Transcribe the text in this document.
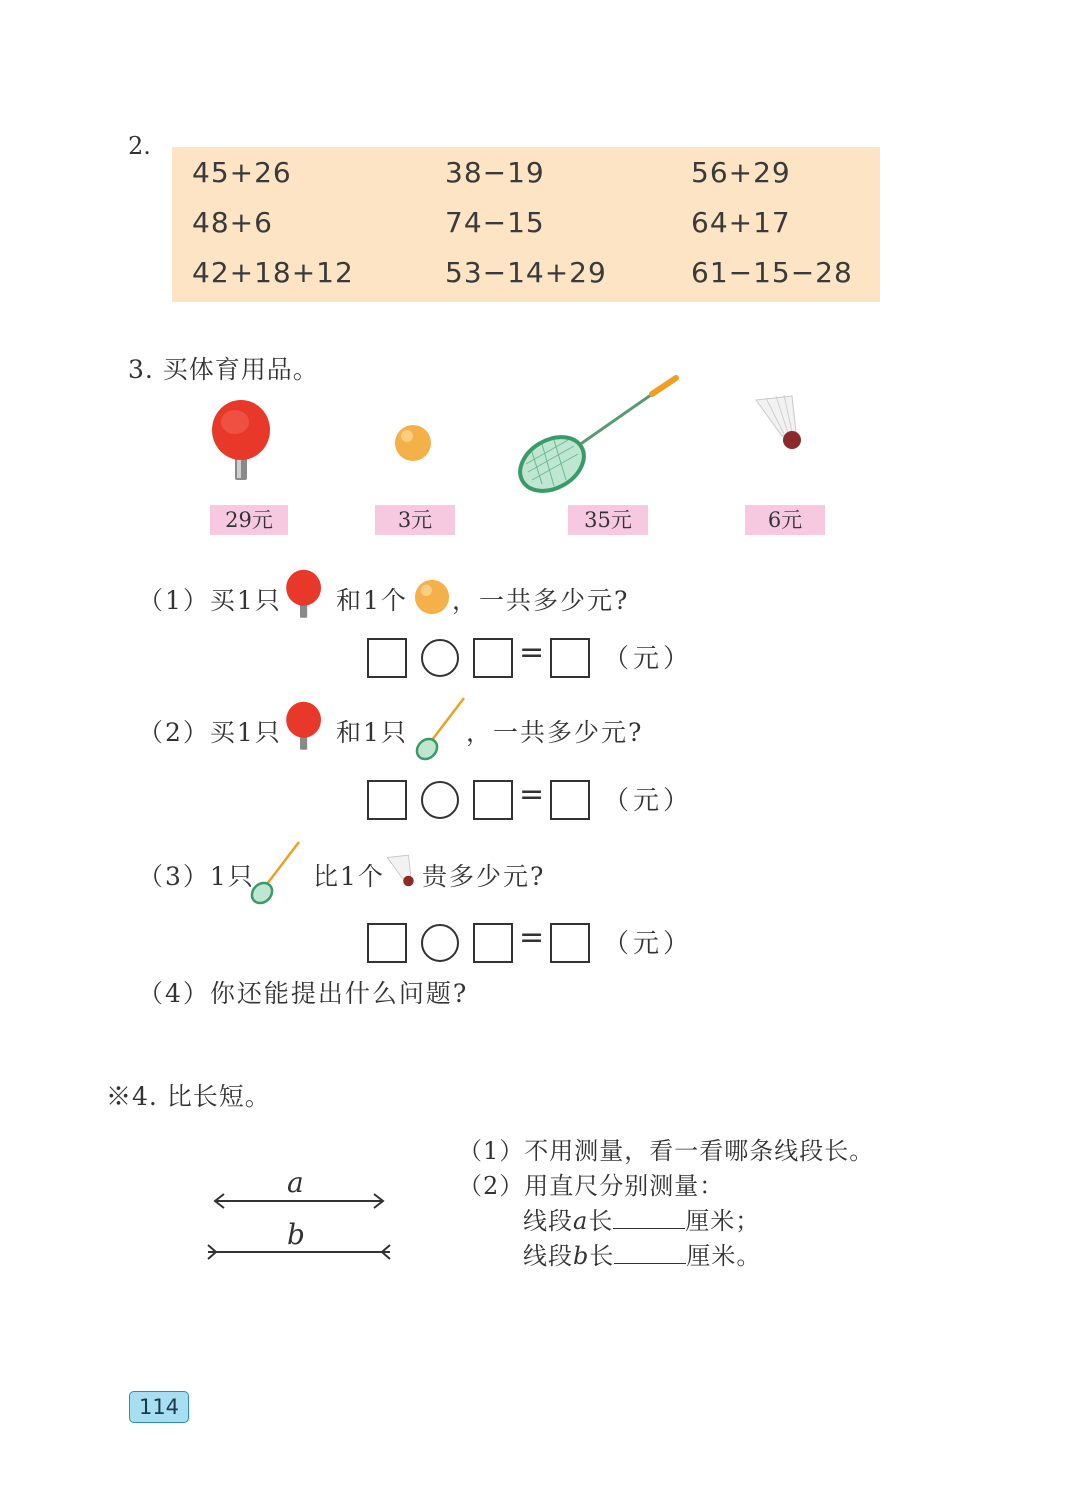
2.
45+26	38−19	56+29
48+6	74−15	64+17
42+18+12	53−14+29	61−15−28
3. 买体育用品。
29元	3元	35元	6元
（1）买1只 和1个 ，一共多少元?
= （元）
（2）买1只 和1只 ，一共多少元?
= （元）
（3）1只 比1个 贵多少元?
= （元）
（4）你还能提出什么问题?
※4. 比长短。
a
b
（1）不用测量，看一看哪条线段长。
（2）用直尺分别测量：
线段a长	厘米；
线段b长	厘米。
114
